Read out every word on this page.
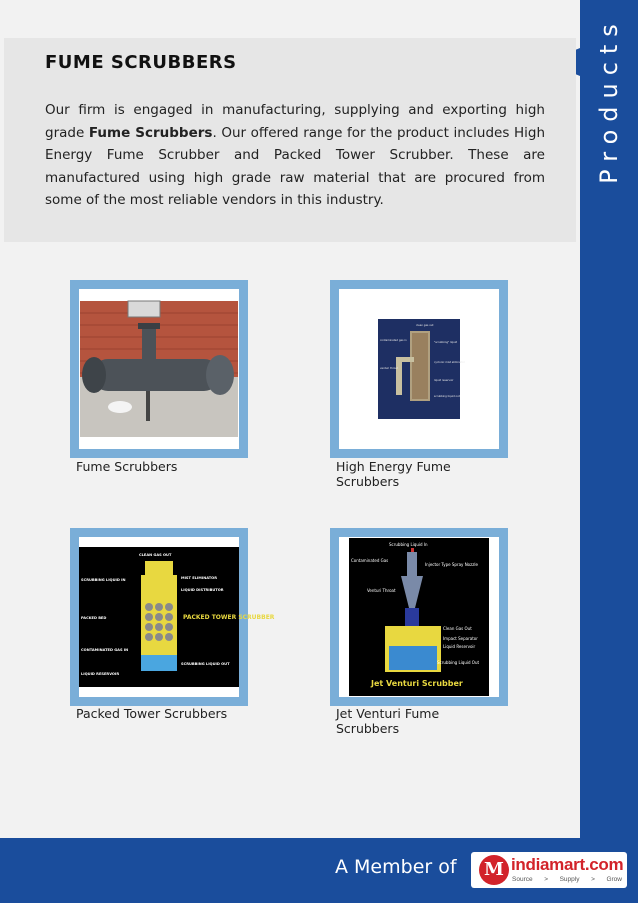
Products
FUME SCRUBBERS

Our firm is engaged in manufacturing, supplying and exporting high grade Fume Scrubbers. Our offered range for the product includes High Energy Fume Scrubber and Packed Tower Scrubber. These are manufactured using high grade raw material that are procured from some of the most reliable vendors in this industry.

Fume Scrubbers
clean gas out
contaminated gas in
"scrubbing" liquid
cyclonic mist eliminator
liquid reservoir
scrubbing liquid out
venturi throat
High Energy Fume Scrubbers
CLEAN GAS OUT
SCRUBBING LIQUID IN	MIST ELIMINATOR
LIQUID DISTRIBUTOR
PACKED BED
CONTAMINATED GAS IN
SCRUBBING LIQUID OUT
LIQUID RESERVOIR
PACKED TOWER SCRUBBER
Packed Tower Scrubbers
Scrubbing Liquid In
Contaminated Gas
Injector Type Spray Nozzle
Venturi Throat
Clean Gas Out
Impact Separator
Liquid Reservoir
Scrubbing Liquid Out
Jet Venturi Scrubber
Jet Venturi Fume Scrubbers
A Member of M indiamart.com
Source > Supply > Grow
